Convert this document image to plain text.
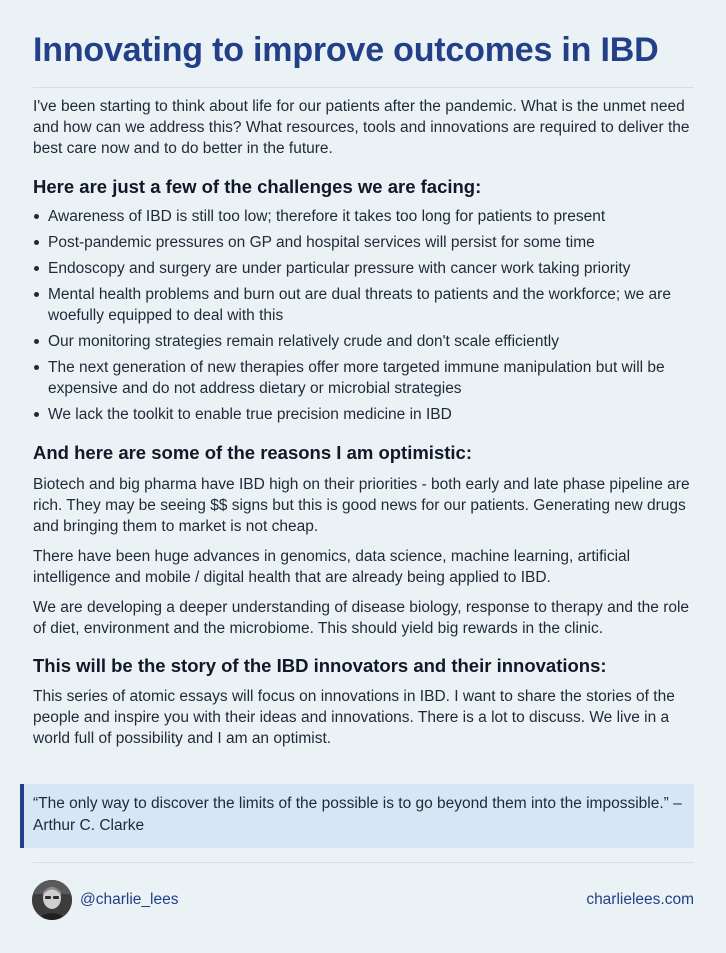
Innovating to improve outcomes in IBD

I've been starting to think about life for our patients after the pandemic. What is the unmet need and how can we address this? What resources, tools and innovations are required to deliver the best care now and to do better in the future.

Here are just a few of the challenges we are facing:
Awareness of IBD is still too low; therefore it takes too long for patients to present
Post-pandemic pressures on GP and hospital services will persist for some time
Endoscopy and surgery are under particular pressure with cancer work taking priority
Mental health problems and burn out are dual threats to patients and the workforce; we are woefully equipped to deal with this
Our monitoring strategies remain relatively crude and don't scale efficiently
The next generation of new therapies offer more targeted immune manipulation but will be expensive and do not address dietary or microbial strategies
We lack the toolkit to enable true precision medicine in IBD
And here are some of the reasons I am optimistic:

Biotech and big pharma have IBD high on their priorities - both early and late phase pipeline are rich. They may be seeing $$ signs but this is good news for our patients. Generating new drugs and bringing them to market is not cheap.

There have been huge advances in genomics, data science, machine learning, artificial intelligence and mobile / digital health that are already being applied to IBD.

We are developing a deeper understanding of disease biology, response to therapy and the role of diet, environment and the microbiome. This should yield big rewards in the clinic.

This will be the story of the IBD innovators and their innovations:

This series of atomic essays will focus on innovations in IBD. I want to share the stories of the people and inspire you with their ideas and innovations. There is a lot to discuss. We live in a world full of possibility and I am an optimist.

“The only way to discover the limits of the possible is to go beyond them into the impossible.” –Arthur C. Clarke

@charlie_lees	charlielees.com
